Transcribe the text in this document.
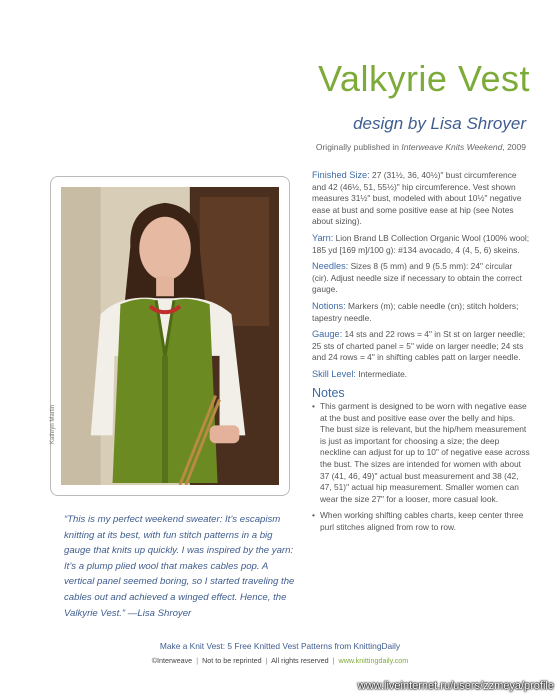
Valkyrie Vest
design by Lisa Shroyer
Originally published in Interweave Knits Weekend, 2009
Kathryn Martin
“This is my perfect weekend sweater: It’s escapism knitting at its best, with fun stitch patterns in a big gauge that knits up quickly. I was inspired by the yarn: It’s a plump plied wool that makes cables pop. A vertical panel seemed boring, so I started traveling the cables out and achieved a winged effect. Hence, the Valkyrie Vest.” —Lisa Shroyer

Finished Size: 27 (31½, 36, 40½)" bust circumference and 42 (46½, 51, 55½)" hip circumference. Vest shown measures 31½" bust, modeled with about 10½" negative ease at bust and some positive ease at hip (see Notes about sizing).

Yarn: Lion Brand LB Collection Organic Wool (100% wool; 185 yd [169 m]/100 g): #134 avocado, 4 (4, 5, 6) skeins.

Needles: Sizes 8 (5 mm) and 9 (5.5 mm): 24" circular (cir). Adjust needle size if necessary to obtain the correct gauge.

Notions: Markers (m); cable needle (cn); stitch holders; tapestry needle.

Gauge: 14 sts and 22 rows = 4" in St st on larger needle; 25 sts of charted panel = 5" wide on larger needle; 24 sts and 24 rows = 4" in shifting cables patt on larger needle.

Skill Level: Intermediate.

Notes
• This garment is designed to be worn with negative ease at the bust and positive ease over the belly and hips. The bust size is relevant, but the hip/hem measurement is just as important for choosing a size; the deep neckline can adjust for up to 10" of negative ease across the bust. The sizes are intended for women with about 37 (41, 46, 49)" actual bust measurement and 38 (42, 47, 51)" actual hip measurement. Smaller women can wear the size 27" for a looser, more casual look.
• When working shifting cables charts, keep center three purl stitches aligned from row to row.
Make a Knit Vest: 5 Free Knitted Vest Patterns from KnittingDaily
©Interweave | Not to be reprinted | All rights reserved | www.knittingdaily.com
www.liveinternet.ru/users/zzmeya/profile
